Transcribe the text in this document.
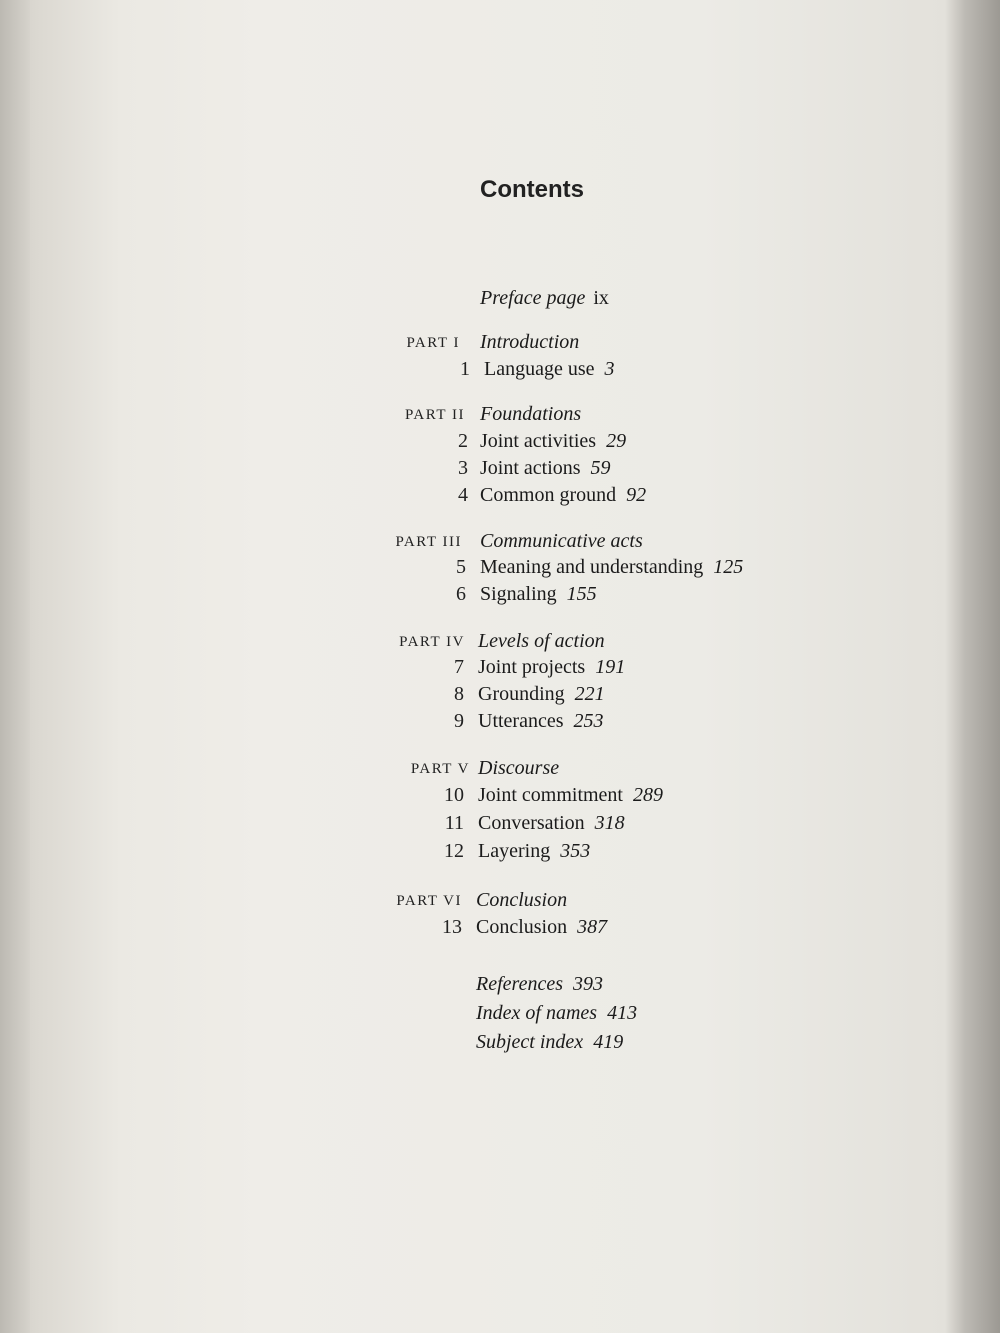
Contents
Preface page ix
PART I Introduction
1 Language use 3
PART II Foundations
2 Joint activities 29
3 Joint actions 59
4 Common ground 92
PART III Communicative acts
5 Meaning and understanding 125
6 Signaling 155
PART IV Levels of action
7 Joint projects 191
8 Grounding 221
9 Utterances 253
PART V Discourse
10 Joint commitment 289
11 Conversation 318
12 Layering 353
PART VI Conclusion
13 Conclusion 387
References 393
Index of names 413
Subject index 419
